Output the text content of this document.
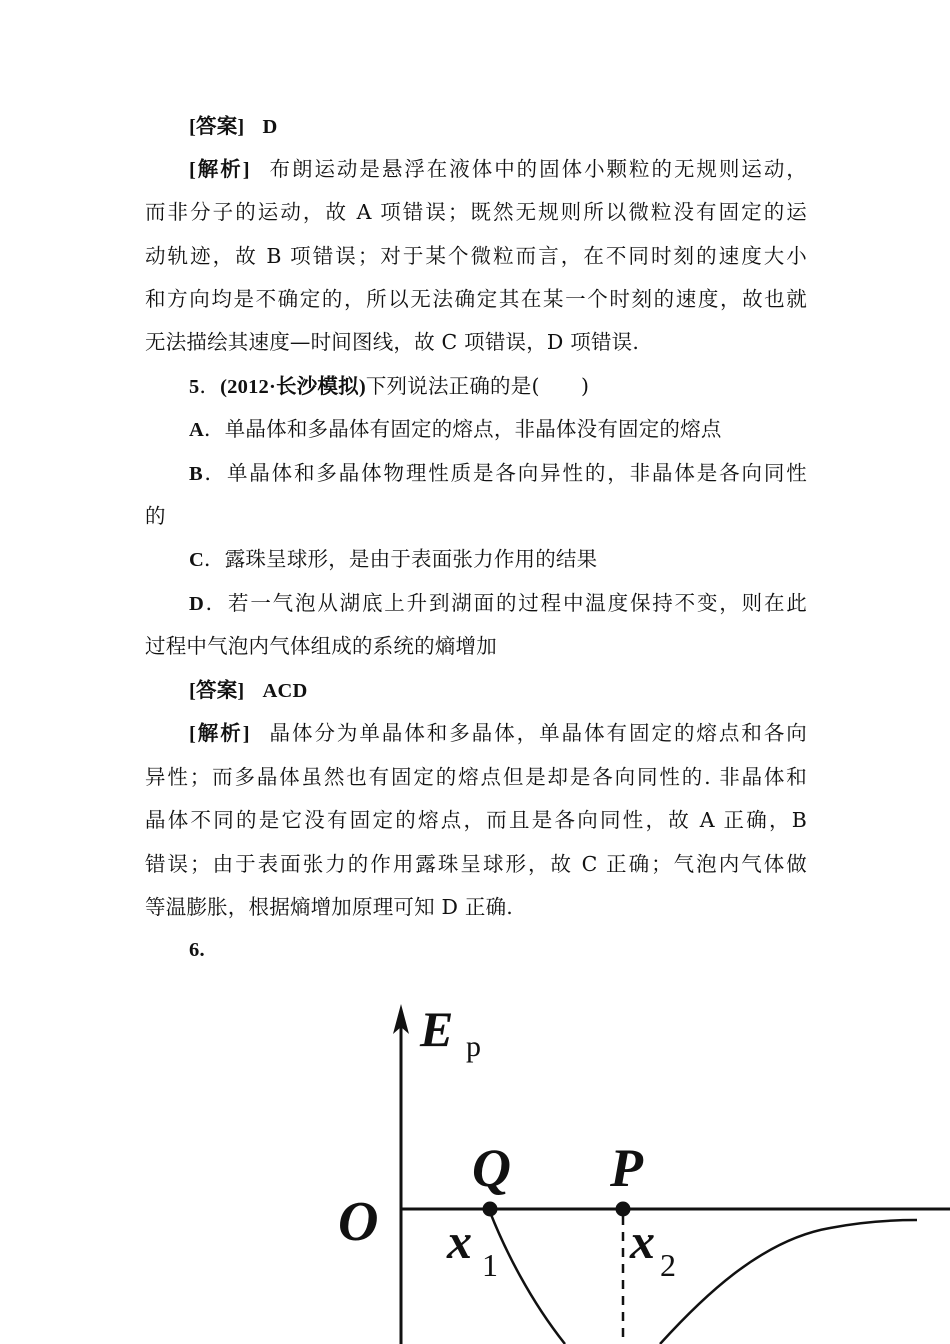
[答案] D
[解析] 布朗运动是悬浮在液体中的固体小颗粒的无规则运动，
而非分子的运动，故 A 项错误；既然无规则所以微粒没有固定的运
动轨迹，故 B 项错误；对于某个微粒而言，在不同时刻的速度大小
和方向均是不确定的，所以无法确定其在某一个时刻的速度，故也就
无法描绘其速度—时间图线，故 C 项错误，D 项错误.
5．(2012·长沙模拟)下列说法正确的是(　　)
A．单晶体和多晶体有固定的熔点，非晶体没有固定的熔点
B．单晶体和多晶体物理性质是各向异性的，非晶体是各向同性
的
C．露珠呈球形，是由于表面张力作用的结果
D．若一气泡从湖底上升到湖面的过程中温度保持不变，则在此
过程中气泡内气体组成的系统的熵增加
[答案] ACD
[解析] 晶体分为单晶体和多晶体，单晶体有固定的熔点和各向
异性；而多晶体虽然也有固定的熔点但是却是各向同性的. 非晶体和
晶体不同的是它没有固定的熔点，而且是各向同性，故 A 正确，B
错误；由于表面张力的作用露珠呈球形，故 C 正确；气泡内气体做
等温膨胀，根据熵增加原理可知 D 正确.
6.
E p
O
Q P
x 1	x 2
